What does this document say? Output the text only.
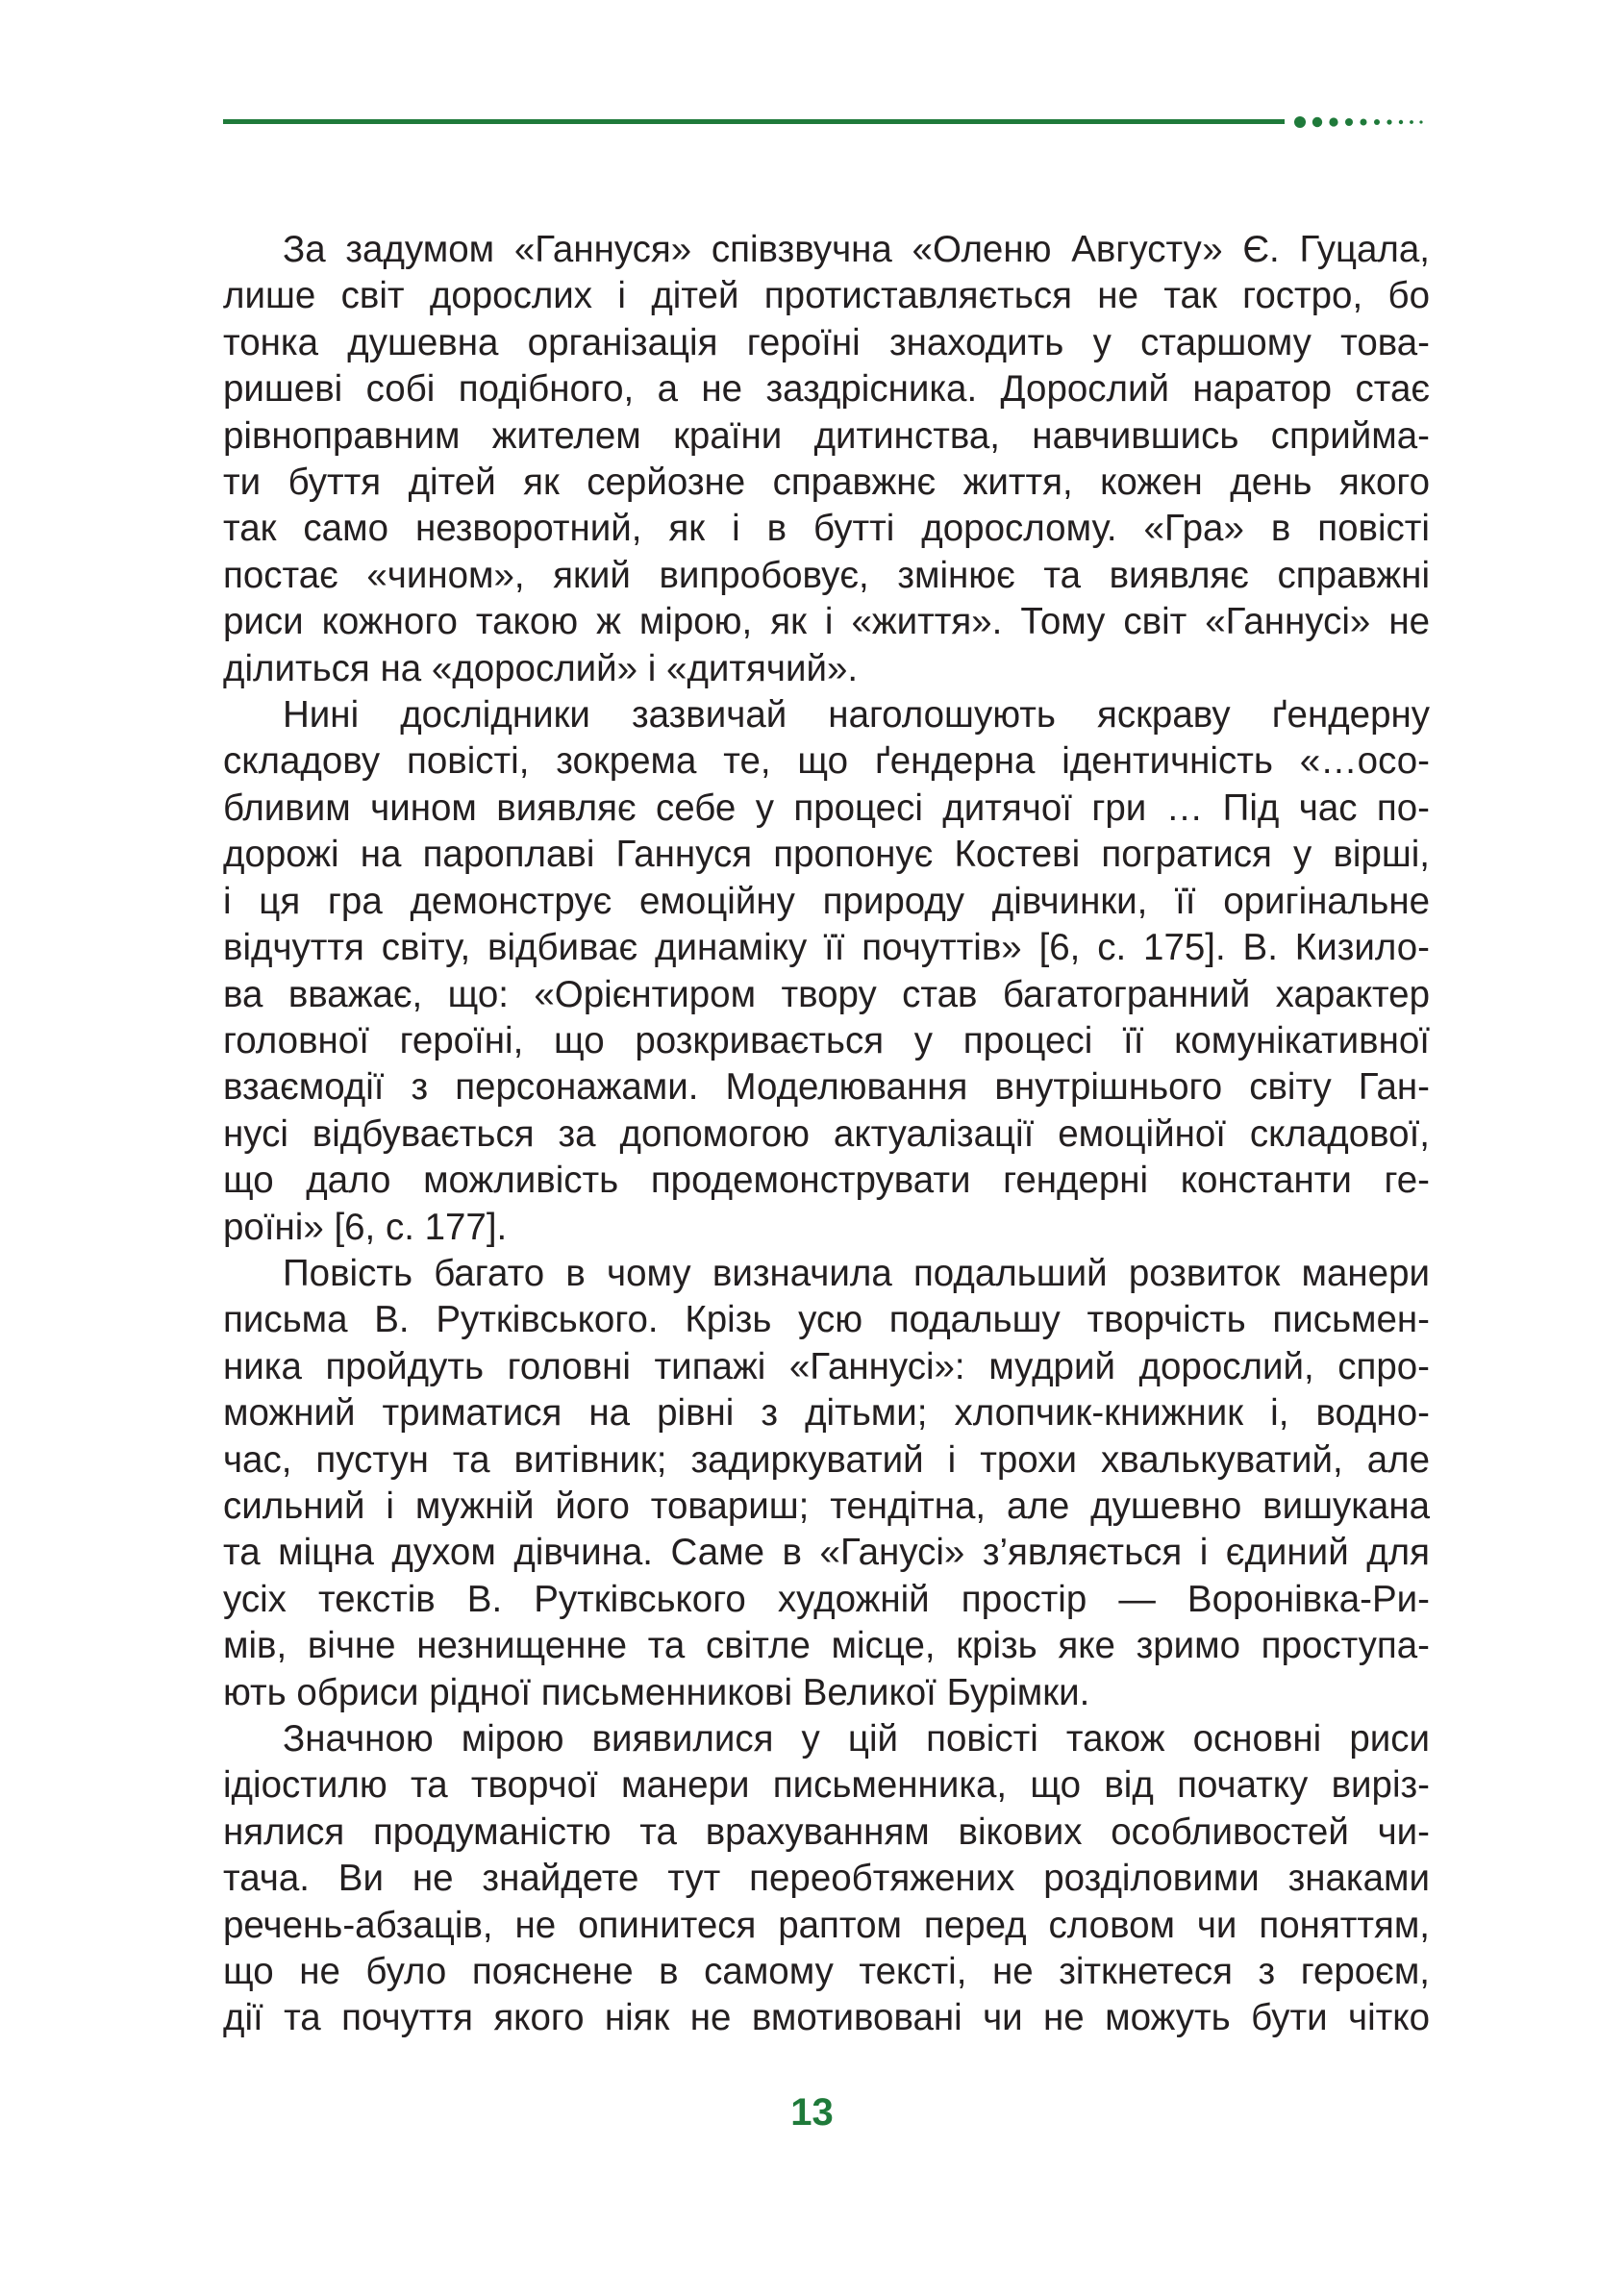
За задумом «Ганнуся» співзвучна «Оленю Августу» Є. Гуцала,
лише світ дорослих і дітей протиставляється не так гостро, бо
тонка душевна організація героїні знаходить у старшому това-
ришеві собі подібного, а не заздрісника. Дорослий наратор стає
рівноправним жителем країни дитинства, навчившись сприйма-
ти буття дітей як серйозне справжнє життя, кожен день якого
так само незворотний, як і в бутті дорослому. «Гра» в повісті
постає «чином», який випробовує, змінює та виявляє справжні
риси кожного такою ж мірою, як і «життя». Тому світ «Ганнусі» не
ділиться на «дорослий» і «дитячий».

Нині дослідники зазвичай наголошують яскраву ґендерну
складову повісті, зокрема те, що ґендерна ідентичність «…осо-
бливим чином виявляє себе у процесі дитячої гри … Під час по-
дорожі на пароплаві Ганнуся пропонує Костеві погратися у вірші,
і ця гра демонструє емоційну природу дівчинки, її оригінальне
відчуття світу, відбиває динаміку її почуттів» [6, с. 175]. В. Кизило-
ва вважає, що: «Орієнтиром твору став багатогранний характер
головної героїні, що розкривається у процесі її комунікативної
взаємодії з персонажами. Моделювання внутрішнього світу Ган-
нусі відбувається за допомогою актуалізації емоційної складової,
що дало можливість продемонструвати гендерні константи ге-
роїні» [6, с. 177].

Повість багато в чому визначила подальший розвиток манери
письма В. Рутківського. Крізь усю подальшу творчість письмен-
ника пройдуть головні типажі «Ганнусі»: мудрий дорослий, спро-
можний триматися на рівні з дітьми; хлопчик-книжник і, водно-
час, пустун та витівник; задиркуватий і трохи хвалькуватий, але
сильний і мужній його товариш; тендітна, але душевно вишукана
та міцна духом дівчина. Саме в «Ганусі» з’являється і єдиний для
усіх текстів В. Рутківського художній простір — Воронівка-Ри-
мів, вічне незнищенне та світле місце, крізь яке зримо проступа-
ють обриси рідної письменникові Великої Бурімки.

Значною мірою виявилися у цій повісті також основні риси
ідіостилю та творчої манери письменника, що від початку вирiз-
нялися продуманістю та врахуванням вікових особливостей чи-
тача. Ви не знайдете тут переобтяжених розділовими знаками
речень-абзаців, не опинитеся раптом перед словом чи поняттям,
що не було пояснене в самому тексті, не зіткнетеся з героєм,
дії та почуття якого ніяк не вмотивовані чи не можуть бути чітко

13
